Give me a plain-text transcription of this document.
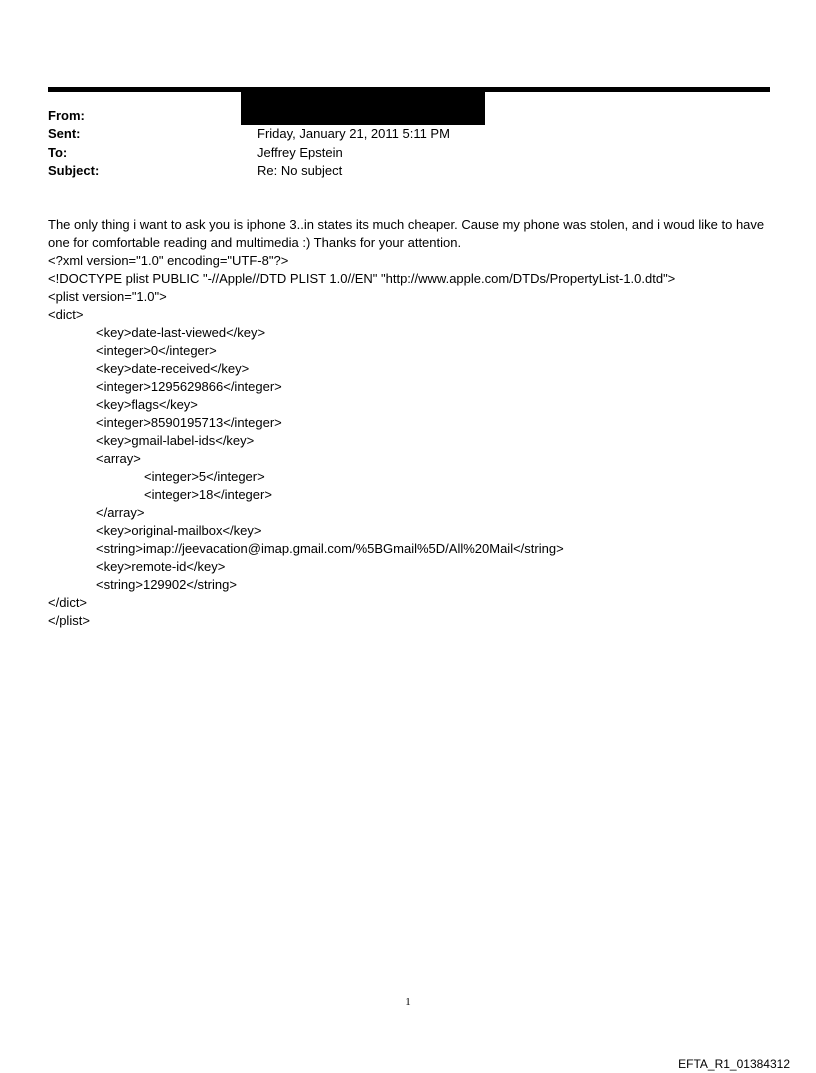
From:
Sent:	Friday, January 21, 2011 5:11 PM
To:	Jeffrey Epstein
Subject:	Re: No subject

The only thing i want to ask you is iphone 3..in states its much cheaper. Cause my phone was stolen, and i woud like to have one for comfortable reading and multimedia :) Thanks for your attention.

<?xml version="1.0" encoding="UTF-8"?>
<!DOCTYPE plist PUBLIC "-//Apple//DTD PLIST 1.0//EN" "http://www.apple.com/DTDs/PropertyList-1.0.dtd">
<plist version="1.0">
<dict>
<key>date-last-viewed</key>
<integer>0</integer>
<key>date-received</key>
<integer>1295629866</integer>
<key>flags</key>
<integer>8590195713</integer>
<key>gmail-label-ids</key>
<array>
<integer>5</integer>
<integer>18</integer>
</array>
<key>original-mailbox</key>
<string>imap://jeevacation@imap.gmail.com/%5BGmail%5D/All%20Mail</string>
<key>remote-id</key>
<string>129902</string>
</dict>
</plist>
1
EFTA_R1_01384312
